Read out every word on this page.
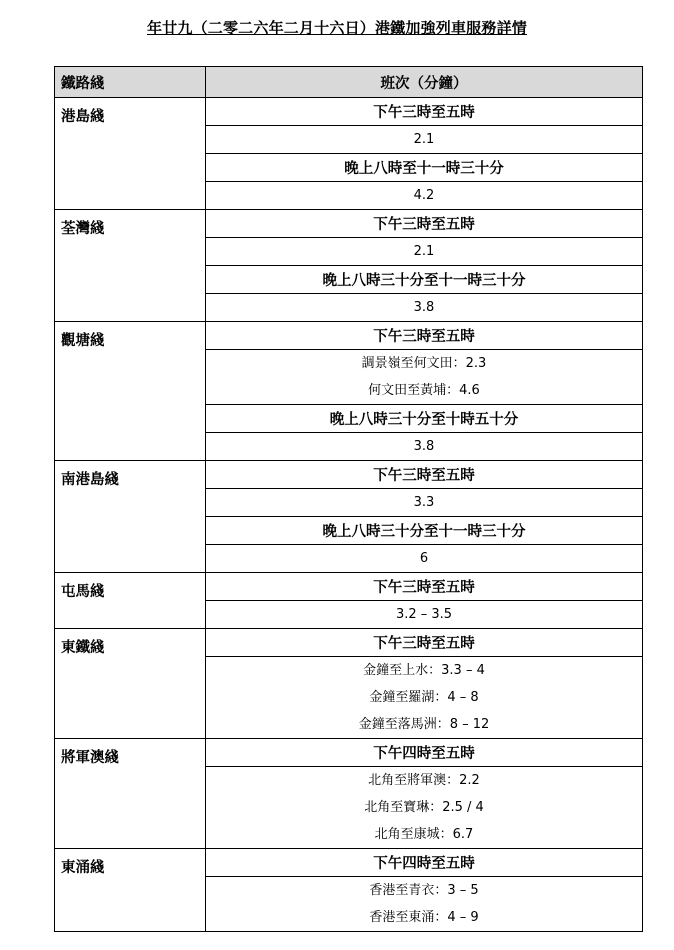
年廿九（二零二六年二月十六日）港鐵加強列車服務詳情
鐵路綫	班次（分鐘）
港島綫	下午三時至五時

	2.1

	晚上八時至十一時三十分

	4.2

荃灣綫	下午三時至五時

	2.1

	晚上八時三十分至十一時三十分

	3.8

觀塘綫	下午三時至五時

	調景嶺至何文田：2.3
何文田至黃埔：4.6

	晚上八時三十分至十時五十分

	3.8

南港島綫	下午三時至五時

	3.3

	晚上八時三十分至十一時三十分

	6

屯馬綫	下午三時至五時

	3.2 – 3.5

東鐵綫	下午三時至五時

	金鐘至上水：3.3 – 4
金鐘至羅湖：4 – 8
金鐘至落馬洲：8 – 12

將軍澳綫	下午四時至五時

	北角至將軍澳：2.2
北角至寶琳：2.5 / 4
北角至康城：6.7

東涌綫	下午四時至五時

	香港至青衣：3 – 5
香港至東涌：4 – 9
